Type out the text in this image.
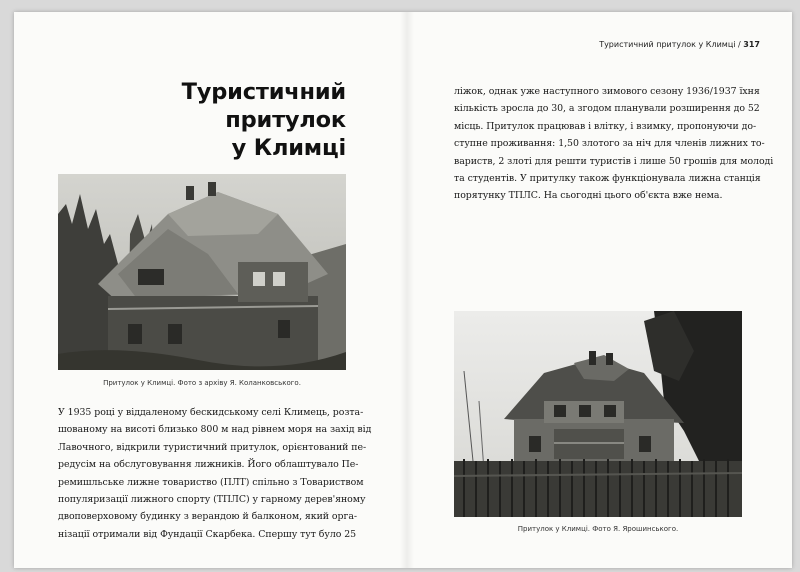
Туристичний притулок у Климці / 317
Туристичний притулок
у Климці
Притулок у Климці. Фото з архіву Я. Коланковського.

У 1935 році у віддаленому бескидському селі Климець, розта-
шованому на висоті близько 800 м над рівнем моря на захід від
Лавочного, відкрили туристичний притулок, орієнтований пе-
редусім на обслуговування лижників. Його облаштувало Пе-
ремишльське лижне товариство (ПЛТ) спільно з Товариством
популяризації лижного спорту (ТПЛС) у гарному дерев'яному
двоповерховому будинку з верандою й балконом, який орга-
нізації отримали від Фундації Скарбека. Спершу тут було 25

ліжок, однак уже наступного зимового сезону 1936/1937 їхня
кількість зросла до 30, а згодом планували розширення до 52
місць. Притулок працював і влітку, і взимку, пропонуючи до-
ступне проживання: 1,50 злотого за ніч для членів лижних то-
вариств, 2 злоті для решти туристів і лише 50 грошів для молоді
та студентів. У притулку також функціонувала лижна станція
порятунку ТПЛС. На сьогодні цього об'єкта вже нема.

Притулок у Климці. Фото Я. Ярошинського.
